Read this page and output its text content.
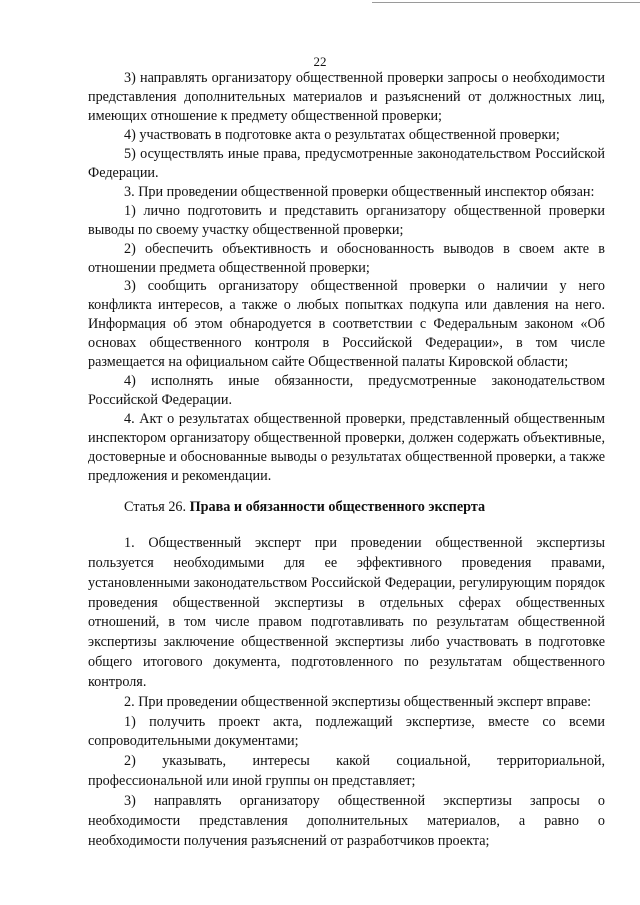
22

3) направлять организатору общественной проверки запросы о необходимости представления дополнительных материалов и разъяснений от должностных лиц, имеющих отношение к предмету общественной проверки;

4) участвовать в подготовке акта о результатах общественной проверки;

5) осуществлять иные права, предусмотренные законодательством Российской Федерации.

3. При проведении общественной проверки общественный инспектор обязан:

1) лично подготовить и представить организатору общественной проверки выводы по своему участку общественной проверки;

2) обеспечить объективность и обоснованность выводов в своем акте в отношении предмета общественной проверки;

3) сообщить организатору общественной проверки о наличии у него конфликта интересов, а также о любых попытках подкупа или давления на него. Информация об этом обнародуется в соответствии с Федеральным законом «Об основах общественного контроля в Российской Федерации», в том числе размещается на официальном сайте Общественной палаты Кировской области;

4) исполнять иные обязанности, предусмотренные законодательством Российской Федерации.

4. Акт о результатах общественной проверки, представленный общественным инспектором организатору общественной проверки, должен содержать объективные, достоверные и обоснованные выводы о результатах общественной проверки, а также предложения и рекомендации.

Статья 26. Права и обязанности общественного эксперта

1. Общественный эксперт при проведении общественной экспертизы пользуется необходимыми для ее эффективного проведения правами, установленными законодательством Российской Федерации, регулирующим порядок проведения общественной экспертизы в отдельных сферах общественных отношений, в том числе правом подготавливать по результатам общественной экспертизы заключение общественной экспертизы либо участвовать в подготовке общего итогового документа, подготовленного по результатам общественного контроля.

2. При проведении общественной экспертизы общественный эксперт вправе:

1) получить проект акта, подлежащий экспертизе, вместе со всеми сопроводительными документами;

2) указывать, интересы какой социальной, территориальной, профессиональной или иной группы он представляет;

3) направлять организатору общественной экспертизы запросы о необходимости представления дополнительных материалов, а равно о необходимости получения разъяснений от разработчиков проекта;
